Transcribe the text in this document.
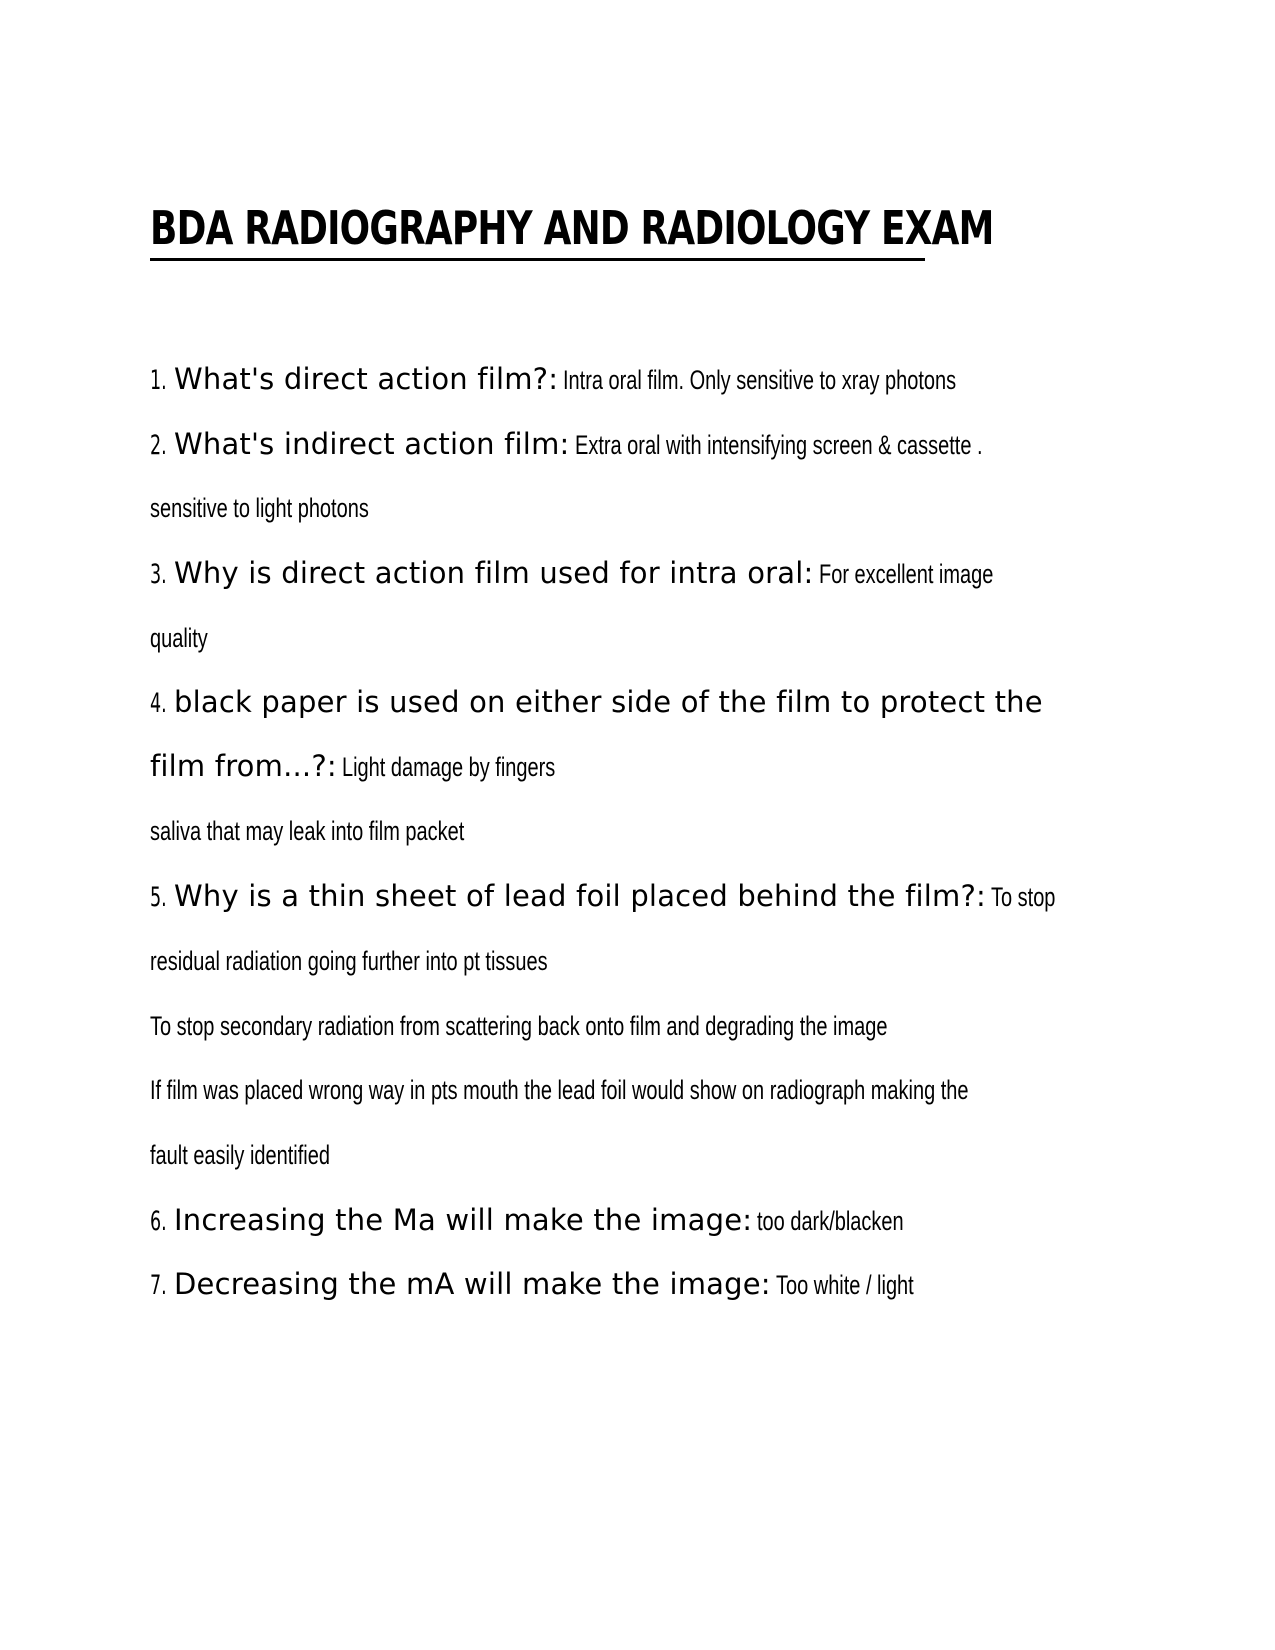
BDA RADIOGRAPHY AND RADIOLOGY EXAM
1. What's direct action film?: Intra oral film. Only sensitive to xray photons
2. What's indirect action film: Extra oral with intensifying screen & cassette .
sensitive to light photons
3. Why is direct action film used for intra oral: For excellent image
quality
4. black paper is used on either side of the film to protect the
film from...?: Light damage by fingers
saliva that may leak into film packet
5. Why is a thin sheet of lead foil placed behind the film?: To stop
residual radiation going further into pt tissues
To stop secondary radiation from scattering back onto film and degrading the image
If film was placed wrong way in pts mouth the lead foil would show on radiograph making the
fault easily identified
6. Increasing the Ma will make the image: too dark/blacken
7. Decreasing the mA will make the image: Too white / light
